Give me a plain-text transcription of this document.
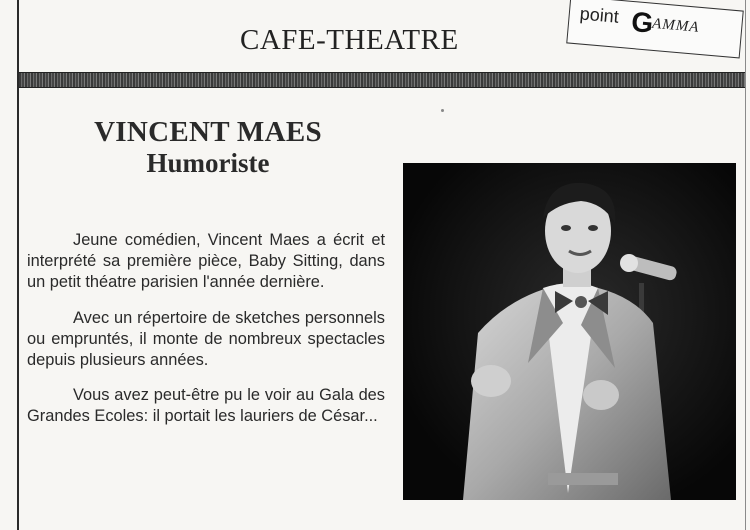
CAFE-THEATRE
point G
AMMA
VINCENT MAES
Humoriste

Jeune comédien, Vincent Maes a écrit et interprété sa première pièce, Baby Sitting, dans un petit théatre parisien l'année dernière.

Avec un répertoire de sketches personnels ou empruntés, il monte de nombreux spectacles depuis plusieurs années.

Vous avez peut-être pu le voir au Gala des Grandes Ecoles: il portait les lauriers de César...
